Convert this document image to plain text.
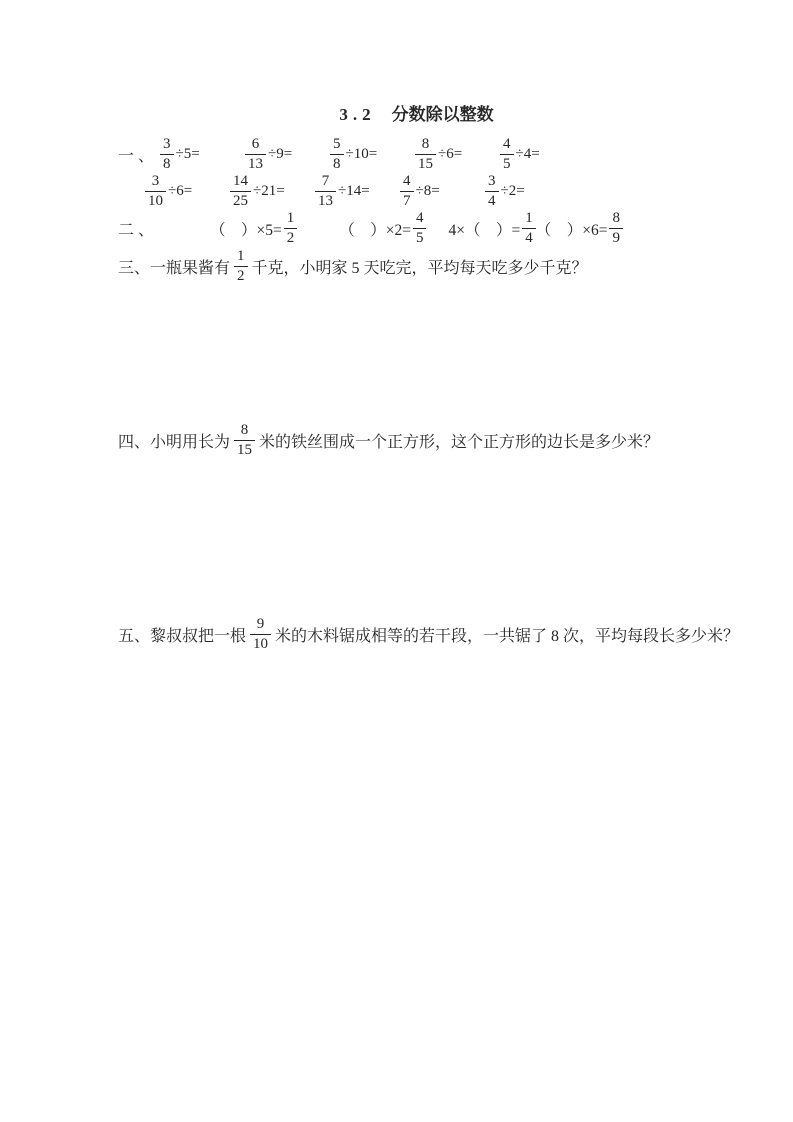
3.2 分数除以整数
一 、 $\frac{3}{8} \div 5=$	$\frac{6}{13} \div 9=$	$\frac{5}{8} \div 10=$	$\frac{8}{15} \div 6=$	$\frac{4}{5} \div 4=$
$\frac{3}{10} \div 6=$	$\frac{14}{25} \div 21= \frac{7}{13} \div 14= \frac{4}{7} \div 8=$	$\frac{3}{4} \div 2=$
二 、	（　）$\times 5= \frac{1}{2}$	（　）$\times 2= \frac{4}{5} 4\times$（　）= $\frac{1}{4}$ （　）$\times 6= \frac{8}{9}$
三、 一瓶果酱有 $\frac{1}{2}$ 千克，小明家 5 天吃完，平均每天吃多少千克？
四、 小明用长为 $\frac{8}{15}$ 米的铁丝围成一个正方形，这个正方形的边长是多少米？
五、 黎叔叔把一根 $\frac{9}{10}$ 米的木料锯成相等的若干段，一共锯了 8 次，平均每段长多少米？
